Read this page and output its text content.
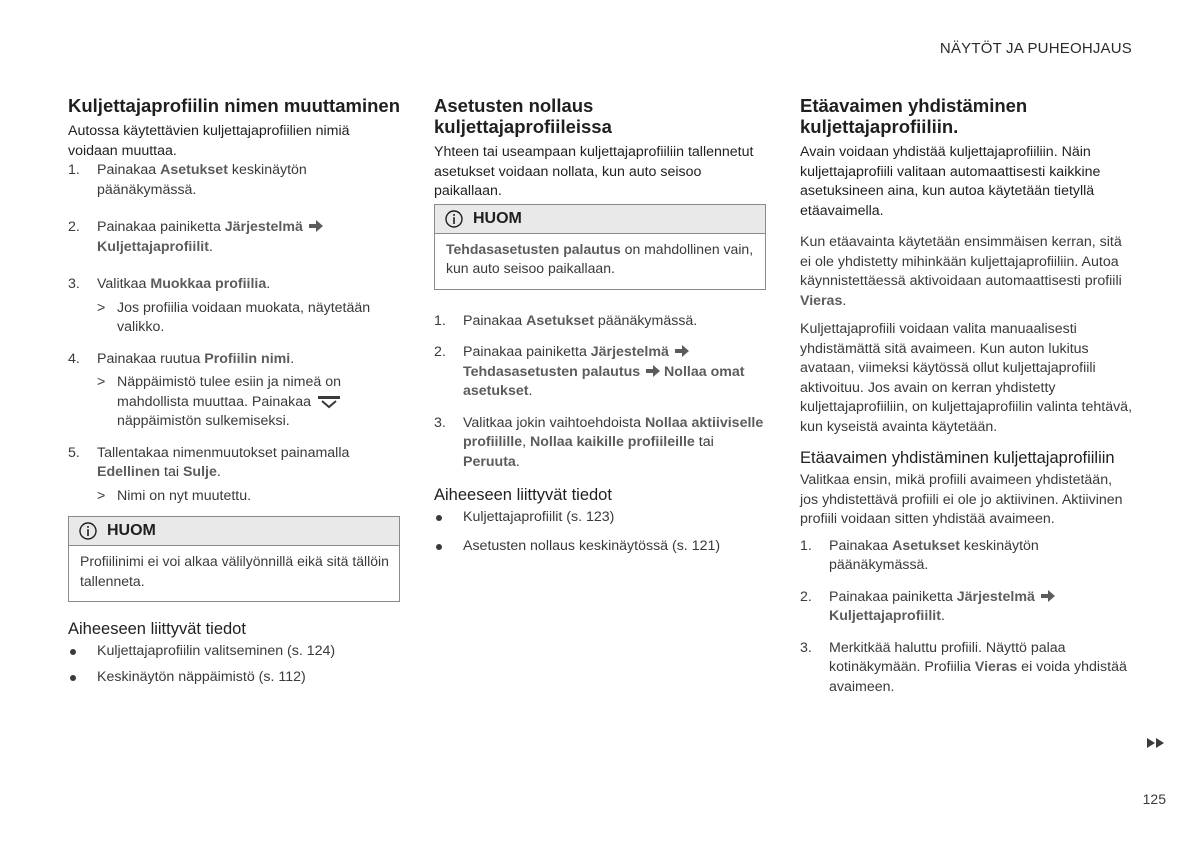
NÄYTÖT JA PUHEOHJAUS
Kuljettajaprofiilin nimen muuttaminen

Autossa käytettävien kuljettajaprofiilien nimiä voidaan muuttaa.

1. Painakaa Asetukset keskinäytön päänäkymässä.
2. Painakaa painiketta Järjestelmä
Kuljettajaprofiilit.
3. Valitkaa Muokkaa profiilia.
> Jos profiilia voidaan muokata, näytetään valikko.
4. Painakaa ruutua Profiilin nimi.
> Näppäimistö tulee esiin ja nimeä on mahdollista muuttaa. Painakaa  näppäimistön sulkemiseksi.
5. Tallentakaa nimenmuutokset painamalla Edellinen tai Sulje.
> Nimi on nyt muutettu.
HUOM
Profiilinimi ei voi alkaa välilyönnillä eikä sitä tällöin tallenneta.
Aiheeseen liittyvät tiedot
Kuljettajaprofiilin valitseminen (s. 124)
Keskinäytön näppäimistö (s. 112)
Asetusten nollaus kuljettajaprofiileissa

Yhteen tai useampaan kuljettajaprofiiliin tallennetut asetukset voidaan nollata, kun auto seisoo paikallaan.

HUOM
Tehdasasetusten palautus on mahdollinen vain, kun auto seisoo paikallaan.
1. Painakaa Asetukset päänäkymässä.
2. Painakaa painiketta Järjestelmä
Tehdasasetusten palautus Nollaa omat asetukset.
3. Valitkaa jokin vaihtoehdoista Nollaa aktiiviselle profiilille, Nollaa kaikille profiileille tai Peruuta.
Aiheeseen liittyvät tiedot
Kuljettajaprofiilit (s. 123)
Asetusten nollaus keskinäytössä (s. 121)
Etäavaimen yhdistäminen kuljettajaprofiiliin.

Avain voidaan yhdistää kuljettajaprofiiliin. Näin kuljettajaprofiili valitaan automaattisesti kaikkine asetuksineen aina, kun autoa käytetään tietyllä etäavaimella.

Kun etäavainta käytetään ensimmäisen kerran, sitä ei ole yhdistetty mihinkään kuljettajaprofiiliin. Autoa käynnistettäessä aktivoidaan automaattisesti profiili Vieras.

Kuljettajaprofiili voidaan valita manuaalisesti yhdistämättä sitä avaimeen. Kun auton lukitus avataan, viimeksi käytössä ollut kuljettajaprofiili aktivoituu. Jos avain on kerran yhdistetty kuljettajaprofiiliin, on kuljettajaprofiilin valinta tehtävä, kun kyseistä avainta käytetään.

Etäavaimen yhdistäminen kuljettajaprofiiliin

Valitkaa ensin, mikä profiili avaimeen yhdistetään, jos yhdistettävä profiili ei ole jo aktiivinen. Aktiivinen profiili voidaan sitten yhdistää avaimeen.

1. Painakaa Asetukset keskinäytön päänäkymässä.
2. Painakaa painiketta Järjestelmä
Kuljettajaprofiilit.
3. Merkitkää haluttu profiili. Näyttö palaa kotinäkymään. Profiilia Vieras ei voida yhdistää avaimeen.
125
